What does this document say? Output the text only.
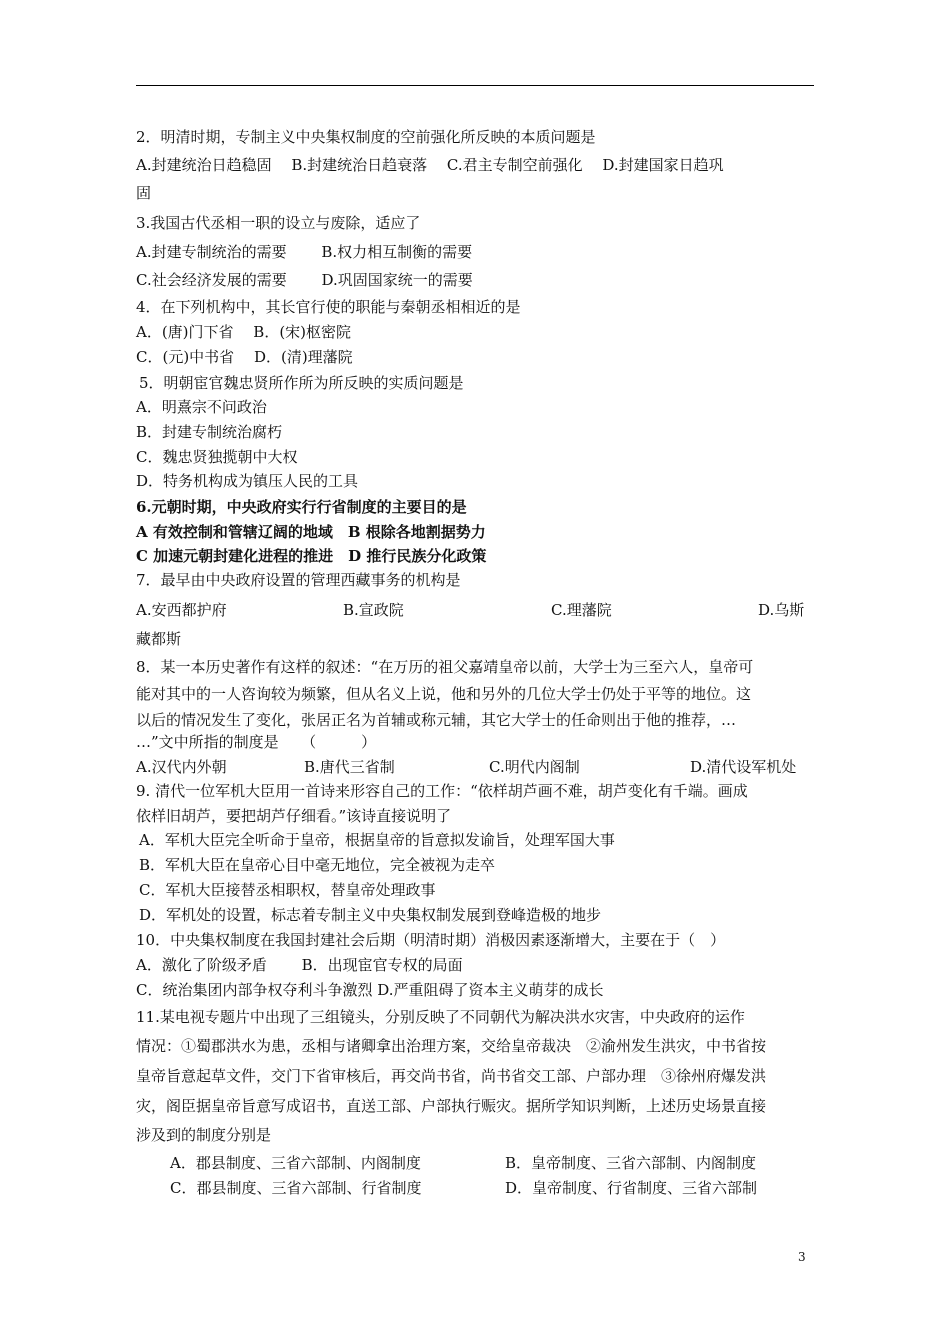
2．明清时期，专制主义中央集权制度的空前强化所反映的本质问题是
A.封建统治日趋稳固　 B.封建统治日趋衰落　 C.君主专制空前强化　 D.封建国家日趋巩
固
3.我国古代丞相一职的设立与废除，适应了
A.封建专制统治的需要　　 B.权力相互制衡的需要
C.社会经济发展的需要　　 D.巩固国家统一的需要
4．在下列机构中，其长官行使的职能与秦朝丞相相近的是
A．(唐)门下省　 B．(宋)枢密院
C．(元)中书省　 D．(清)理藩院
5．明朝宦官魏忠贤所作所为所反映的实质问题是
A．明熹宗不问政治
B．封建专制统治腐朽
C．魏忠贤独揽朝中大权
D．特务机构成为镇压人民的工具
6.元朝时期，中央政府实行行省制度的主要目的是
A 有效控制和管辖辽阔的地域　B 根除各地割据势力
C 加速元朝封建化进程的推进　D 推行民族分化政策
7．最早由中央政府设置的管理西藏事务的机构是
A.安西都护府	B.宣政院	C.理藩院	D.乌斯
藏都斯
8．某一本历史著作有这样的叙述：“在万历的祖父嘉靖皇帝以前，大学士为三至六人，皇帝可
能对其中的一人咨询较为频繁，但从名义上说，他和另外的几位大学士仍处于平等的地位。这
以后的情况发生了变化，张居正名为首辅或称元辅，其它大学士的任命则出于他的推荐，…
…”文中所指的制度是　　（　　　）
A.汉代内外朝	B.唐代三省制	C.明代内阁制	D.清代设军机处
9. 清代一位军机大臣用一首诗来形容自己的工作：“依样胡芦画不难，胡芦变化有千端。画成
依样旧胡芦，要把胡芦仔细看。”该诗直接说明了
A．军机大臣完全听命于皇帝，根据皇帝的旨意拟发谕旨，处理军国大事
B．军机大臣在皇帝心目中毫无地位，完全被视为走卒
C．军机大臣接替丞相职权，替皇帝处理政事
D．军机处的设置，标志着专制主义中央集权制发展到登峰造极的地步
10．中央集权制度在我国封建社会后期（明清时期）消极因素逐渐增大，主要在于（　）
A．激化了阶级矛盾　　 B．出现宦官专权的局面
C．统治集团内部争权夺利斗争激烈 D.严重阻碍了资本主义萌芽的成长
11.某电视专题片中出现了三组镜头，分别反映了不同朝代为解决洪水灾害，中央政府的运作
情况：①蜀郡洪水为患，丞相与诸卿拿出治理方案，交给皇帝裁决　②渝州发生洪灾，中书省按
皇帝旨意起草文件，交门下省审核后，再交尚书省，尚书省交工部、户部办理　③徐州府爆发洪
灾，阁臣据皇帝旨意写成诏书，直送工部、户部执行赈灾。据所学知识判断，上述历史场景直接
涉及到的制度分别是
A．郡县制度、三省六部制、内阁制度	B．皇帝制度、三省六部制、内阁制度
C．郡县制度、三省六部制、行省制度	D．皇帝制度、行省制度、三省六部制
3
